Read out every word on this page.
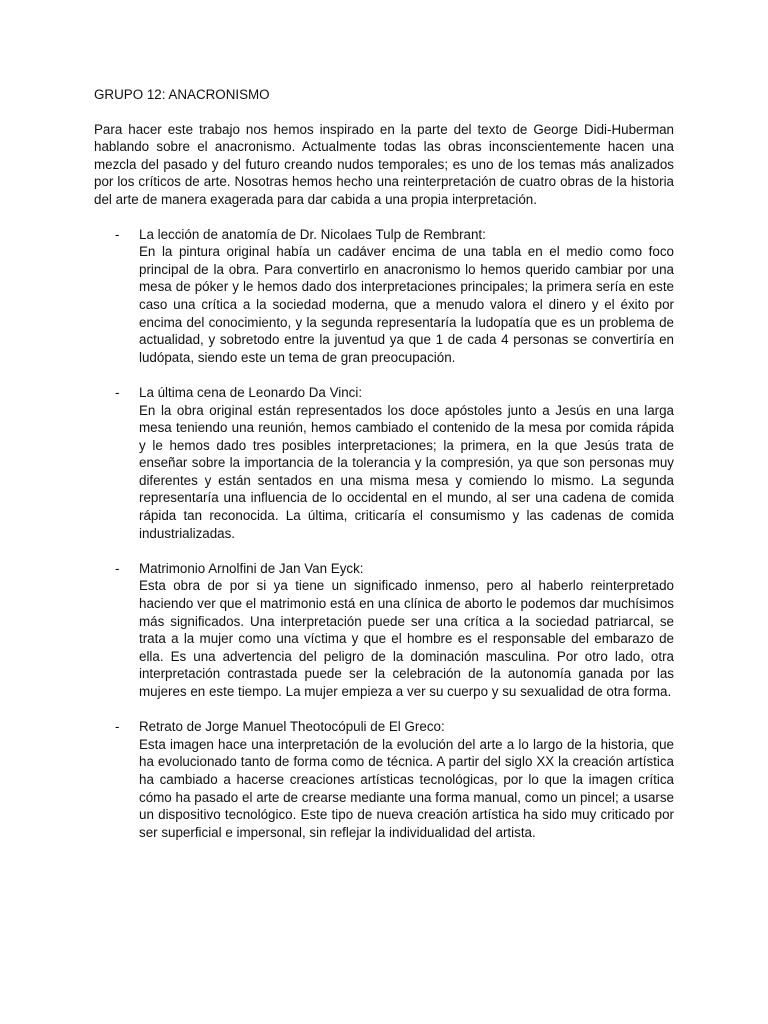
GRUPO 12: ANACRONISMO

Para hacer este trabajo nos hemos inspirado en la parte del texto de George Didi-Huberman hablando sobre el anacronismo. Actualmente todas las obras inconscientemente hacen una mezcla del pasado y del futuro creando nudos temporales; es uno de los temas más analizados por los críticos de arte. Nosotras hemos hecho una reinterpretación de cuatro obras de la historia del arte de manera exagerada para dar cabida a una propia interpretación.

- La lección de anatomía de Dr. Nicolaes Tulp de Rembrant:
En la pintura original había un cadáver encima de una tabla en el medio como foco principal de la obra. Para convertirlo en anacronismo lo hemos querido cambiar por una mesa de póker y le hemos dado dos interpretaciones principales; la primera sería en este caso una crítica a la sociedad moderna, que a menudo valora el dinero y el éxito por encima del conocimiento, y la segunda representaría la ludopatía que es un problema de actualidad, y sobretodo entre la juventud ya que 1 de cada 4 personas se convertiría en ludópata, siendo este un tema de gran preocupación.
- La última cena de Leonardo Da Vinci:
En la obra original están representados los doce apóstoles junto a Jesús en una larga mesa teniendo una reunión, hemos cambiado el contenido de la mesa por comida rápida y le hemos dado tres posibles interpretaciones; la primera, en la que Jesús trata de enseñar sobre la importancia de la tolerancia y la compresión, ya que son personas muy diferentes y están sentados en una misma mesa y comiendo lo mismo. La segunda representaría una influencia de lo occidental en el mundo, al ser una cadena de comida rápida tan reconocida. La última, criticaría el consumismo y las cadenas de comida industrializadas.
- Matrimonio Arnolfini de Jan Van Eyck:
Esta obra de por si ya tiene un significado inmenso, pero al haberlo reinterpretado haciendo ver que el matrimonio está en una clínica de aborto le podemos dar muchísimos más significados. Una interpretación puede ser una crítica a la sociedad patriarcal, se trata a la mujer como una víctima y que el hombre es el responsable del embarazo de ella. Es una advertencia del peligro de la dominación masculina. Por otro lado, otra interpretación contrastada puede ser la celebración de la autonomía ganada por las mujeres en este tiempo. La mujer empieza a ver su cuerpo y su sexualidad de otra forma.
- Retrato de Jorge Manuel Theotocópuli de El Greco:
Esta imagen hace una interpretación de la evolución del arte a lo largo de la historia, que ha evolucionado tanto de forma como de técnica. A partir del siglo XX la creación artística ha cambiado a hacerse creaciones artísticas tecnológicas, por lo que la imagen crítica cómo ha pasado el arte de crearse mediante una forma manual, como un pincel; a usarse un dispositivo tecnológico. Este tipo de nueva creación artística ha sido muy criticado por ser superficial e impersonal, sin reflejar la individualidad del artista.
